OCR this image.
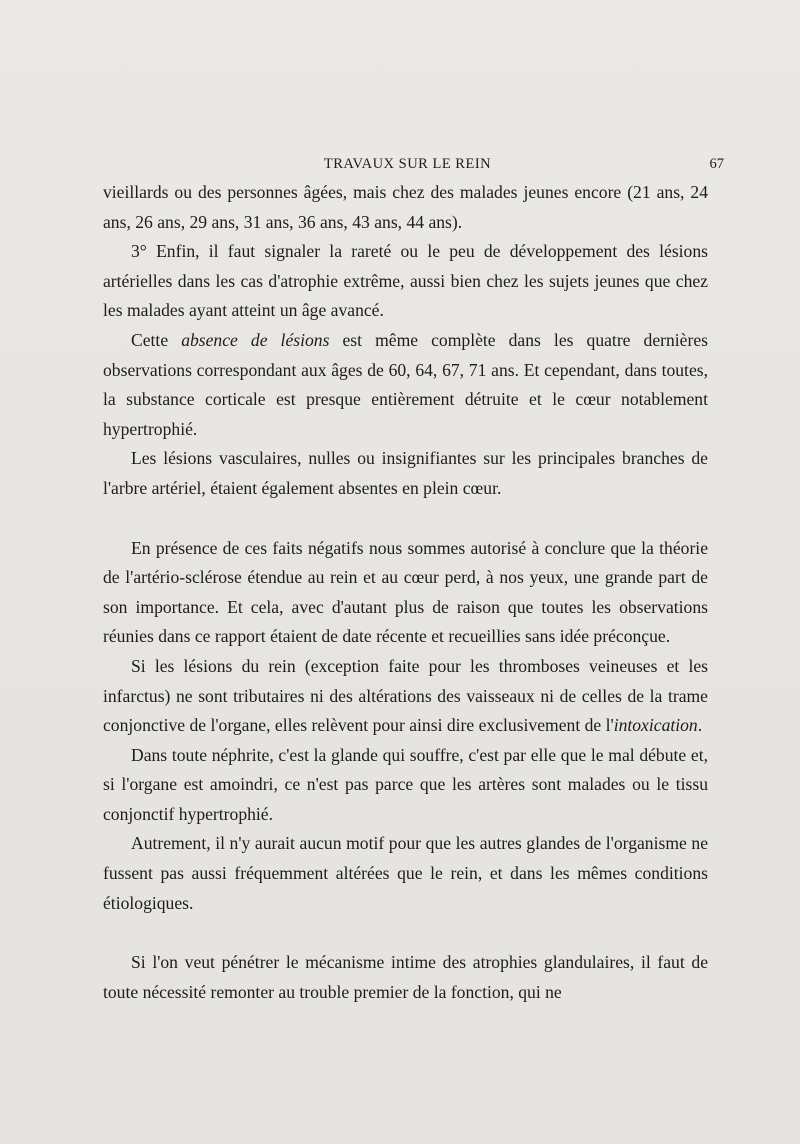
TRAVAUX SUR LE REIN	67

vieillards ou des personnes âgées, mais chez des malades jeunes encore (21 ans, 24 ans, 26 ans, 29 ans, 31 ans, 36 ans, 43 ans, 44 ans).

3° Enfin, il faut signaler la rareté ou le peu de développement des lésions artérielles dans les cas d'atrophie extrême, aussi bien chez les sujets jeunes que chez les malades ayant atteint un âge avancé.

Cette absence de lésions est même complète dans les quatre dernières observations correspondant aux âges de 60, 64, 67, 71 ans. Et cependant, dans toutes, la substance corticale est presque entièrement détruite et le cœur notablement hypertrophié.

Les lésions vasculaires, nulles ou insignifiantes sur les principales branches de l'arbre artériel, étaient également absentes en plein cœur.

En présence de ces faits négatifs nous sommes autorisé à conclure que la théorie de l'artério-sclérose étendue au rein et au cœur perd, à nos yeux, une grande part de son importance. Et cela, avec d'autant plus de raison que toutes les observations réunies dans ce rapport étaient de date récente et recueillies sans idée préconçue.

Si les lésions du rein (exception faite pour les thromboses veineuses et les infarctus) ne sont tributaires ni des altérations des vaisseaux ni de celles de la trame conjonctive de l'organe, elles relèvent pour ainsi dire exclusivement de l'intoxication.

Dans toute néphrite, c'est la glande qui souffre, c'est par elle que le mal débute et, si l'organe est amoindri, ce n'est pas parce que les artères sont malades ou le tissu conjonctif hypertrophié.

Autrement, il n'y aurait aucun motif pour que les autres glandes de l'organisme ne fussent pas aussi fréquemment altérées que le rein, et dans les mêmes conditions étiologiques.

Si l'on veut pénétrer le mécanisme intime des atrophies glandulaires, il faut de toute nécessité remonter au trouble premier de la fonction, qui ne
